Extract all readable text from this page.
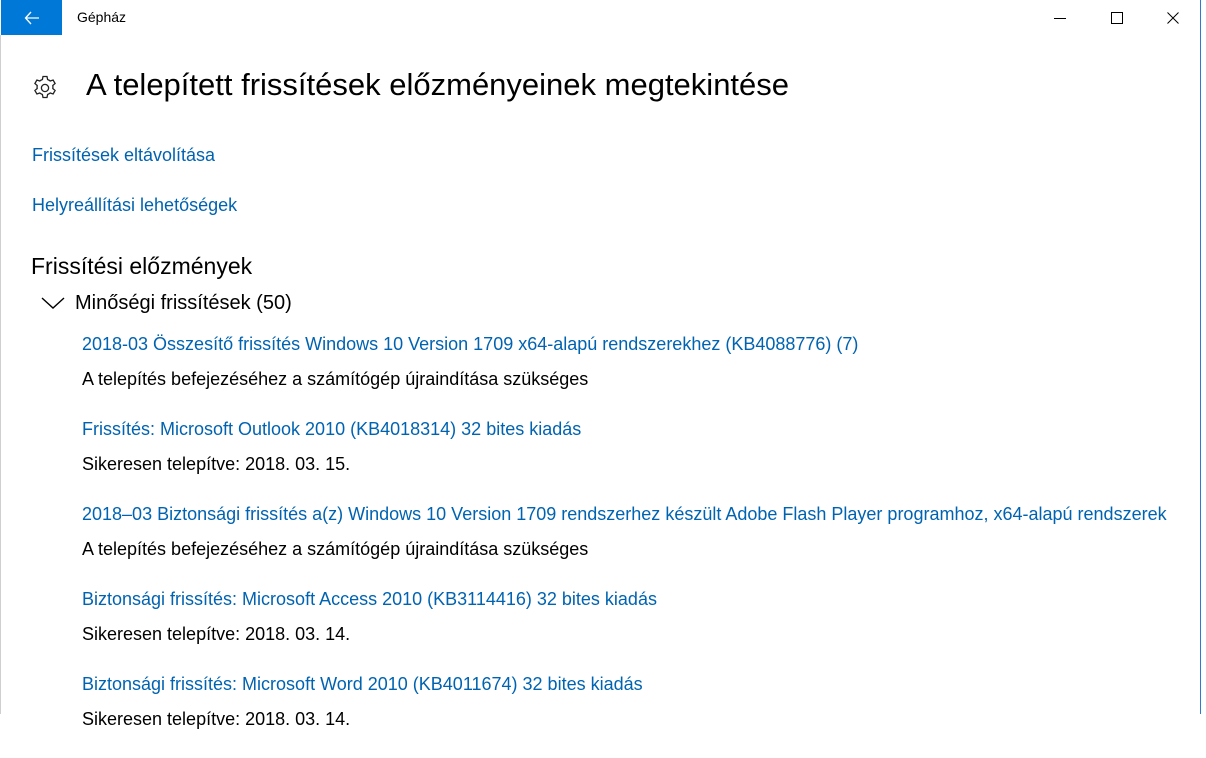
Gépház
A telepített frissítések előzményeinek megtekintése
Frissítések eltávolítása
Helyreállítási lehetőségek
Frissítési előzmények
Minőségi frissítések (50)
2018-03 Összesítő frissítés Windows 10 Version 1709 x64-alapú rendszerekhez (KB4088776) (7)
A telepítés befejezéséhez a számítógép újraindítása szükséges
Frissítés: Microsoft Outlook 2010 (KB4018314) 32 bites kiadás
Sikeresen telepítve: 2018. 03. 15.
2018–03 Biztonsági frissítés a(z) Windows 10 Version 1709 rendszerhez készült Adobe Flash Player programhoz, x64-alapú rendszerek
A telepítés befejezéséhez a számítógép újraindítása szükséges
Biztonsági frissítés: Microsoft Access 2010 (KB3114416) 32 bites kiadás
Sikeresen telepítve: 2018. 03. 14.
Biztonsági frissítés: Microsoft Word 2010 (KB4011674) 32 bites kiadás
Sikeresen telepítve: 2018. 03. 14.
